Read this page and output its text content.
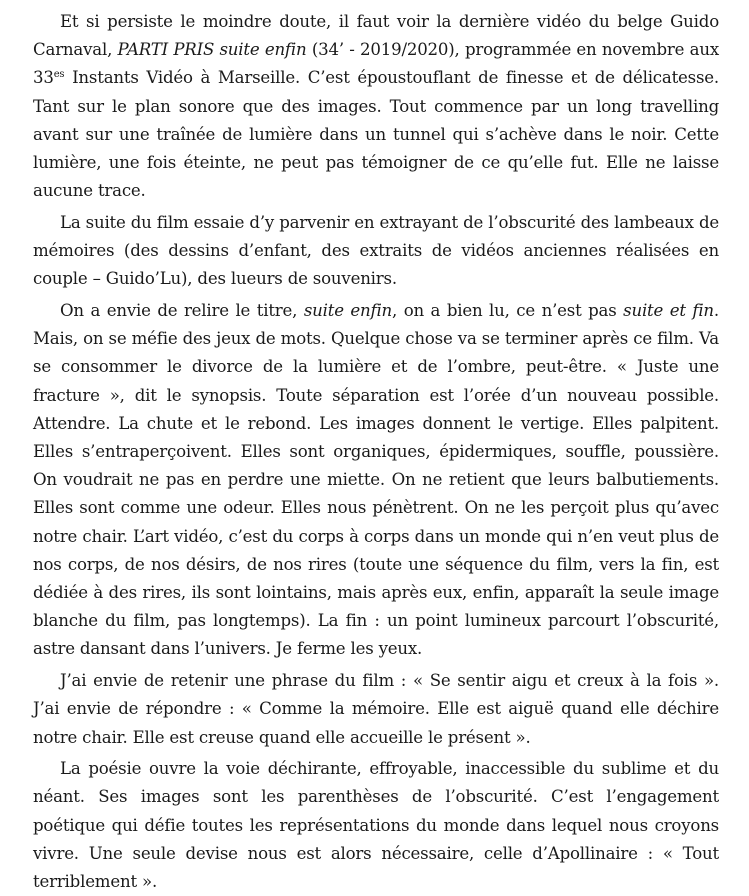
Et si persiste le moindre doute, il faut voir la dernière vidéo du belge Guido Carnaval, PARTI PRIS suite enfin (34’ - 2019/2020), programmée en novembre aux $33^{es}$ Instants Vidéo à Marseille. C’est époustouflant de finesse et de délicatesse. Tant sur le plan sonore que des images. Tout commence par un long travelling avant sur une traînée de lumière dans un tunnel qui s’achève dans le noir. Cette lumière, une fois éteinte, ne peut pas témoigner de ce qu’elle fut. Elle ne laisse aucune trace.

La suite du film essaie d’y parvenir en extrayant de l’obscurité des lambeaux de mémoires (des dessins d’enfant, des extraits de vidéos anciennes réalisées en couple – Guido’Lu), des lueurs de souvenirs.

On a envie de relire le titre, suite enfin, on a bien lu, ce n’est pas suite et fin. Mais, on se méfie des jeux de mots. Quelque chose va se terminer après ce film. Va se consommer le divorce de la lumière et de l’ombre, peut-être. « Juste une fracture », dit le synopsis. Toute séparation est l’orée d’un nouveau possible. Attendre. La chute et le rebond. Les images donnent le vertige. Elles palpitent. Elles s’entraperçoivent. Elles sont organiques, épidermiques, souffle, poussière. On voudrait ne pas en perdre une miette. On ne retient que leurs balbutiements. Elles sont comme une odeur. Elles nous pénètrent. On ne les perçoit plus qu’avec notre chair. L’art vidéo, c’est du corps à corps dans un monde qui n’en veut plus de nos corps, de nos désirs, de nos rires (toute une séquence du film, vers la fin, est dédiée à des rires, ils sont lointains, mais après eux, enfin, apparaît la seule image blanche du film, pas longtemps). La fin : un point lumineux parcourt l’obscurité, astre dansant dans l’univers. Je ferme les yeux.

J’ai envie de retenir une phrase du film : « Se sentir aigu et creux à la fois ». J’ai envie de répondre : « Comme la mémoire. Elle est aiguë quand elle déchire notre chair. Elle est creuse quand elle accueille le présent ».

La poésie ouvre la voie déchirante, effroyable, inaccessible du sublime et du néant. Ses images sont les parenthèses de l’obscurité. C’est l’engagement poétique qui défie toutes les représentations du monde dans lequel nous croyons vivre. Une seule devise nous est alors nécessaire, celle d’Apollinaire : « Tout terriblement ».
